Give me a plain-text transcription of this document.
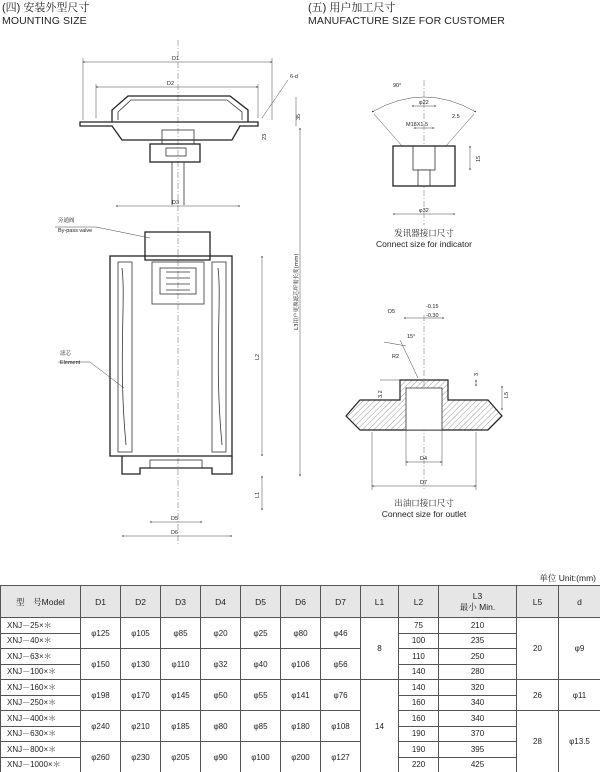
(四) 安装外型尺寸
MOUNTING SIZE
(五) 用户加工尺寸
MANUFACTURE SIZE FOR CUSTOMER
D1
D2
6-d
35
23
D3
L2
L1
L3用户更换滤芯所需长度(mm)
D5
D6
旁通阀
By-pass valve
滤芯
Element
90°
φ22
2.5
M18X1.5
15
φ32
D5
-0.15
-0.30
15°
R2
3
3.2	L5
D4
D7
发讯器接口尺寸
Connect size for indicator
出油口接口尺寸
Connect size for outlet
单位 Unit:(mm)
型　号Model	D1	D2	D3	D4	D5	D6	D7	L1	L2	L3
最小 Min.	L5	d
XNJ－25×＊	φ125	φ105	φ85	φ20	φ25	φ80	φ46	8	75	210	20	φ9
XNJ－40×＊									100	235		
XNJ－63×＊	φ150	φ130	φ110	φ32	φ40	φ106	φ56		110	250		
XNJ－100×＊									140	280		
XNJ－160×＊	φ198	φ170	φ145	φ50	φ55	φ141	φ76	14	140	320	26	φ11
XNJ－250×＊									160	340		
XNJ－400×＊	φ240	φ210	φ185	φ80	φ85	φ180	φ108		160	340	28	φ13.5
XNJ－630×＊									190	370		
XNJ－800×＊	φ260	φ230	φ205	φ90	φ100	φ200	φ127		190	395		
XNJ－1000×＊									220	425		
